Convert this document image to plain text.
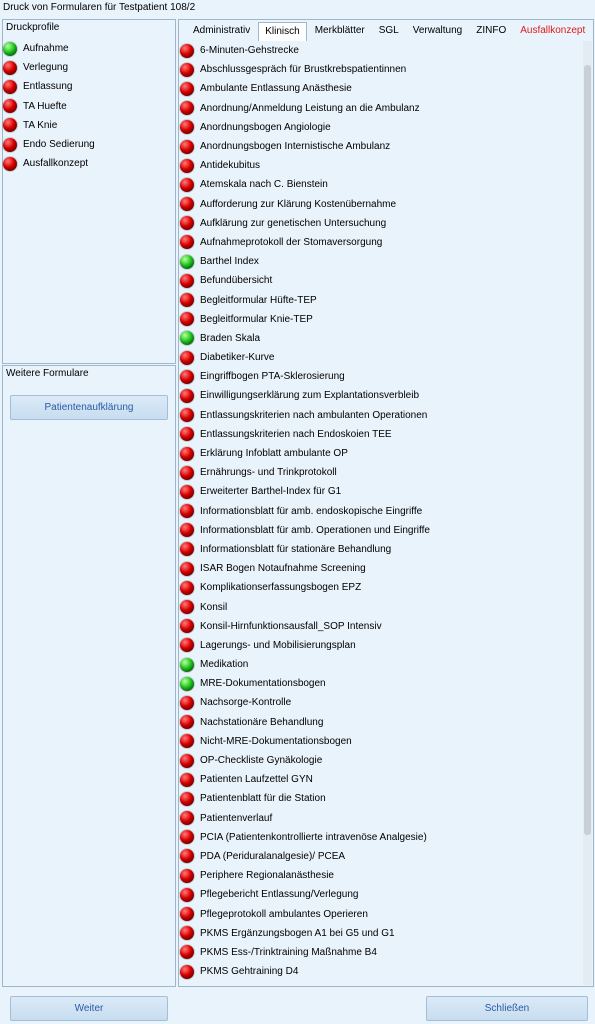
Druck von Formularen für Testpatient 108/2
Druckprofile
Aufnahme
Verlegung
Entlassung
TA Huefte
TA Knie
Endo Sedierung
Ausfallkonzept
Weitere Formulare
Patientenaufklärung
Administrativ	Klinisch	Merkblätter	SGL	Verwaltung	ZINFO	Ausfallkonzept
6-Minuten-Gehstrecke
Abschlussgespräch für Brustkrebspatientinnen
Ambulante Entlassung Anästhesie
Anordnung/Anmeldung Leistung an die Ambulanz
Anordnungsbogen Angiologie
Anordnungsbogen Internistische Ambulanz
Antidekubitus
Atemskala nach C. Bienstein
Aufforderung zur Klärung Kostenübernahme
Aufklärung zur genetischen Untersuchung
Aufnahmeprotokoll der Stomaversorgung
Barthel Index
Befundübersicht
Begleitformular Hüfte-TEP
Begleitformular Knie-TEP
Braden Skala
Diabetiker-Kurve
Eingriffbogen PTA-Sklerosierung
Einwilligungserklärung zum Explantationsverbleib
Entlassungskriterien nach ambulanten Operationen
Entlassungskriterien nach Endoskoien TEE
Erklärung Infoblatt ambulante OP
Ernährungs- und Trinkprotokoll
Erweiterter Barthel-Index für G1
Informationsblatt für amb. endoskopische Eingriffe
Informationsblatt für amb. Operationen und Eingriffe
Informationsblatt für stationäre Behandlung
ISAR Bogen Notaufnahme Screening
Komplikationserfassungsbogen EPZ
Konsil
Konsil-Hirnfunktionsausfall_SOP Intensiv
Lagerungs- und Mobilisierungsplan
Medikation
MRE-Dokumentationsbogen
Nachsorge-Kontrolle
Nachstationäre Behandlung
Nicht-MRE-Dokumentationsbogen
OP-Checkliste Gynäkologie
Patienten Laufzettel GYN
Patientenblatt für die Station
Patientenverlauf
PCIA (Patientenkontrollierte intravenöse Analgesie)
PDA (Periduralanalgesie)/ PCEA
Periphere Regionalanästhesie
Pflegebericht Entlassung/Verlegung
Pflegeprotokoll ambulantes Operieren
PKMS Ergänzungsbogen A1 bei G5 und G1
PKMS Ess-/Trinktraining Maßnahme B4
PKMS Gehtraining D4
Weiter	Schließen
